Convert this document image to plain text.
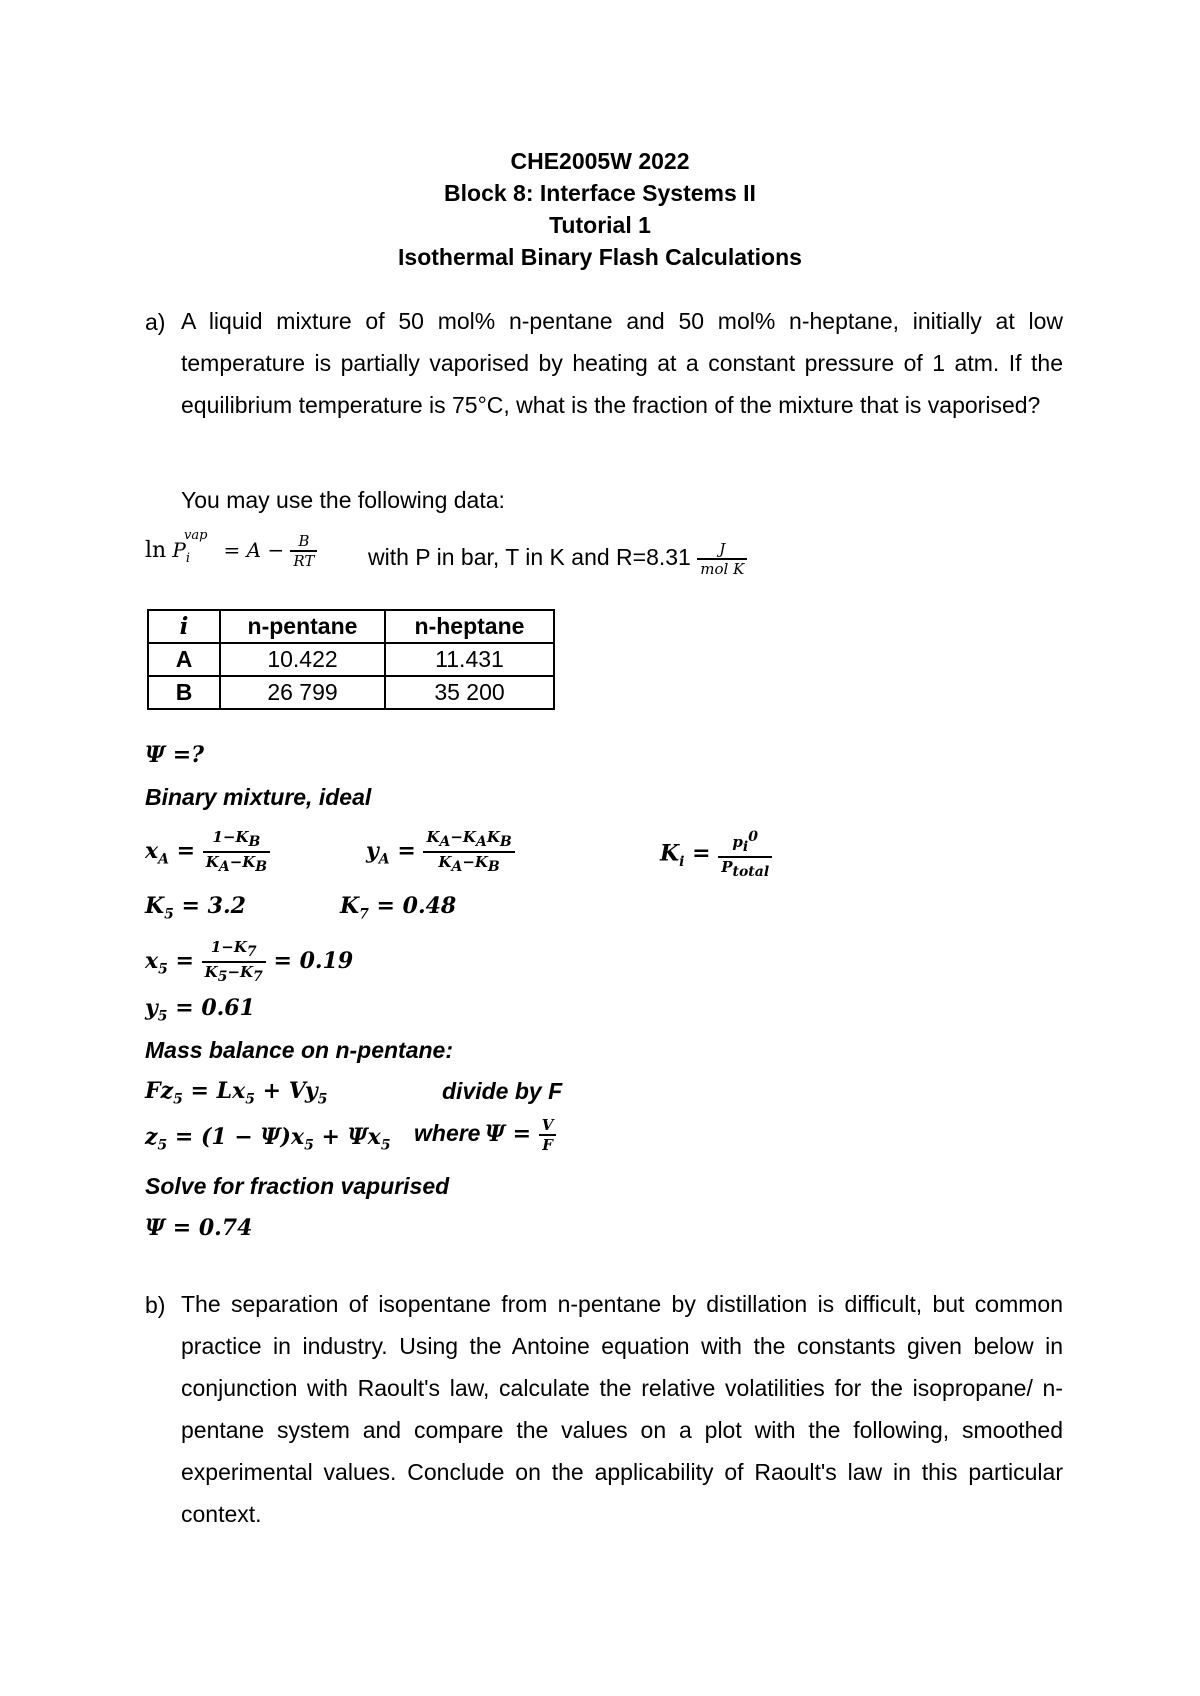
CHE2005W 2022
Block 8: Interface Systems II
Tutorial 1
Isothermal Binary Flash Calculations
a) A liquid mixture of 50 mol% n-pentane and 50 mol% n-heptane, initially at low temperature is partially vaporised by heating at a constant pressure of 1 atm. If the equilibrium temperature is 75°C, what is the fraction of the mixture that is vaporised?
You may use the following data:
$\ln P_i^{vap} = A - \frac{B}{RT}$ with P in bar, T in K and $R=8.31 \frac{J}{\text{mol K}}$
i	n-pentane	n-heptane
A	10.422	11.431
B	26 799	35 200
Ψ =?
Binary mixture, ideal
$x_A = \frac{1-K_B}{K_A-K_B}$	$y_A = \frac{K_A-K_AK_B}{K_A-K_B}$	$K_i = \frac{p_i^0}{P_{total}}$
$K_5 = 3.2$	$K_7 = 0.48$
$x_5 = \frac{1-K_7}{K_5-K_7} = 0.19$
$y_5 = 0.61$
Mass balance on n-pentane:
$Fz_5 = Lx_5 + Vy_5$	divide by F
$z_5 = (1 - \Psi)x_5 + \Psi x_5$ where $\Psi = \frac{V}{F}$
Solve for fraction vapurised
Ψ = 0.74
b) The separation of isopentane from n-pentane by distillation is difficult, but common practice in industry. Using the Antoine equation with the constants given below in conjunction with Raoult's law, calculate the relative volatilities for the isopropane/ n-pentane system and compare the values on a plot with the following, smoothed experimental values. Conclude on the applicability of Raoult's law in this particular context.
